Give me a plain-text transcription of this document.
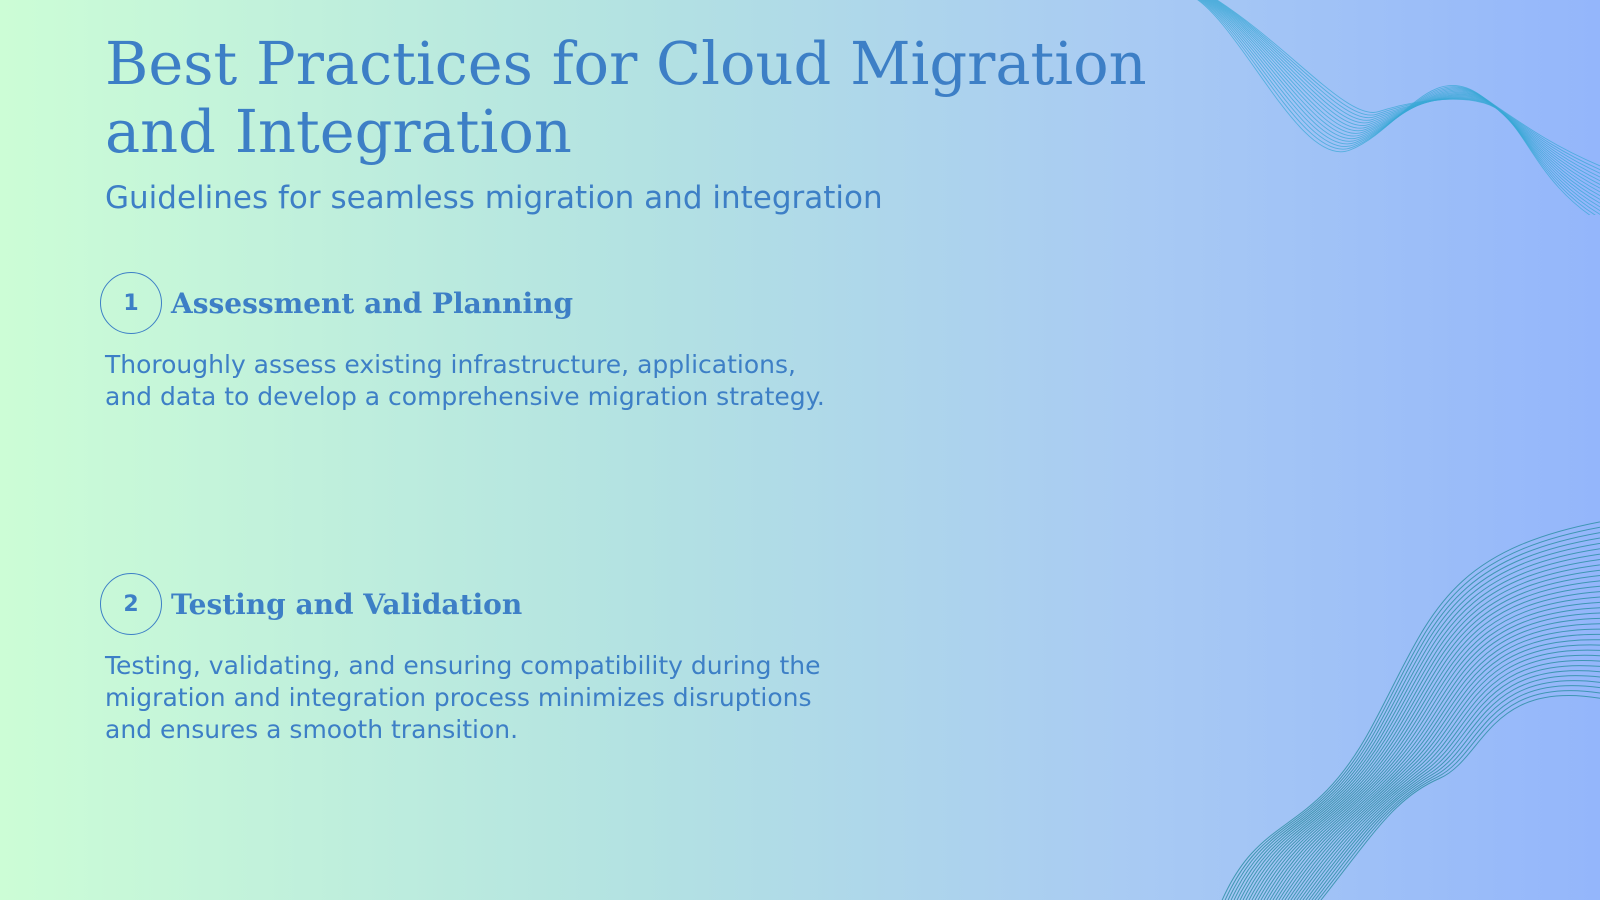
Best Practices for Cloud Migration and Integration

Guidelines for seamless migration and integration

1	Assessment and Planning

Thoroughly assess existing infrastructure, applications, and data to develop a comprehensive migration strategy.

2	Testing and Validation

Testing, validating, and ensuring compatibility during the migration and integration process minimizes disruptions and ensures a smooth transition.
